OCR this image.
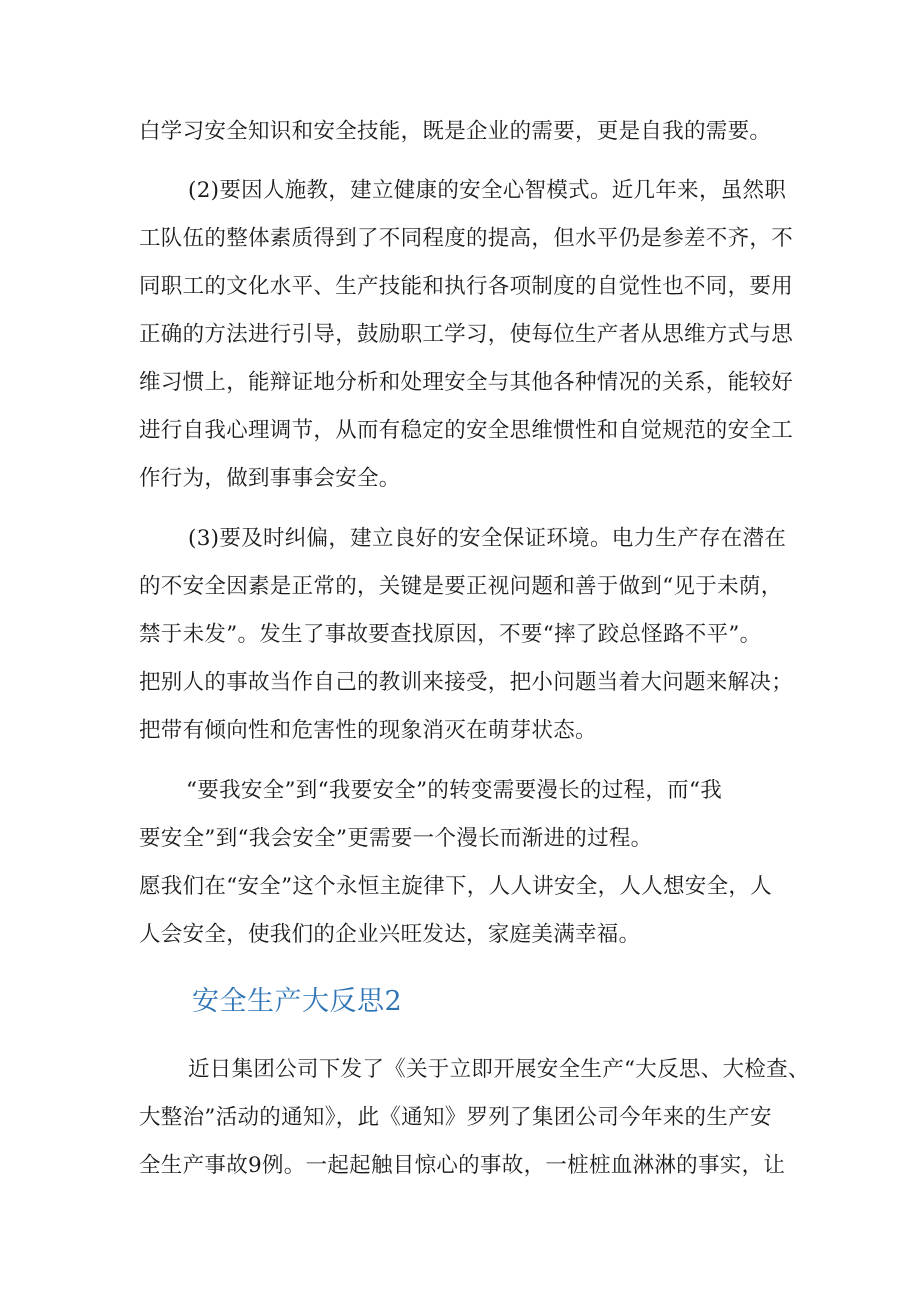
白学习安全知识和安全技能，既是企业的需要，更是自我的需要。
(2)要因人施教，建立健康的安全心智模式。近几年来，虽然职
工队伍的整体素质得到了不同程度的提高，但水平仍是参差不齐，不
同职工的文化水平、生产技能和执行各项制度的自觉性也不同，要用
正确的方法进行引导，鼓励职工学习，使每位生产者从思维方式与思
维习惯上，能辩证地分析和处理安全与其他各种情况的关系，能较好
进行自我心理调节，从而有稳定的安全思维惯性和自觉规范的安全工
作行为，做到事事会安全。
(3)要及时纠偏，建立良好的安全保证环境。电力生产存在潜在
的不安全因素是正常的，关键是要正视问题和善于做到“见于未荫，
禁于未发”。发生了事故要查找原因，不要“摔了跤总怪路不平”。
把别人的事故当作自己的教训来接受，把小问题当着大问题来解决；
把带有倾向性和危害性的现象消灭在萌芽状态。
“要我安全”到“我要安全”的转变需要漫长的过程，而“我
要安全”到“我会安全”更需要一个漫长而渐进的过程。
愿我们在“安全”这个永恒主旋律下，人人讲安全，人人想安全，人
人会安全，使我们的企业兴旺发达，家庭美满幸福。
安全生产大反思2
近日集团公司下发了《关于立即开展安全生产“大反思、大检查、
大整治”活动的通知》，此《通知》罗列了集团公司今年来的生产安
全生产事故9例。一起起触目惊心的事故，一桩桩血淋淋的事实，让
